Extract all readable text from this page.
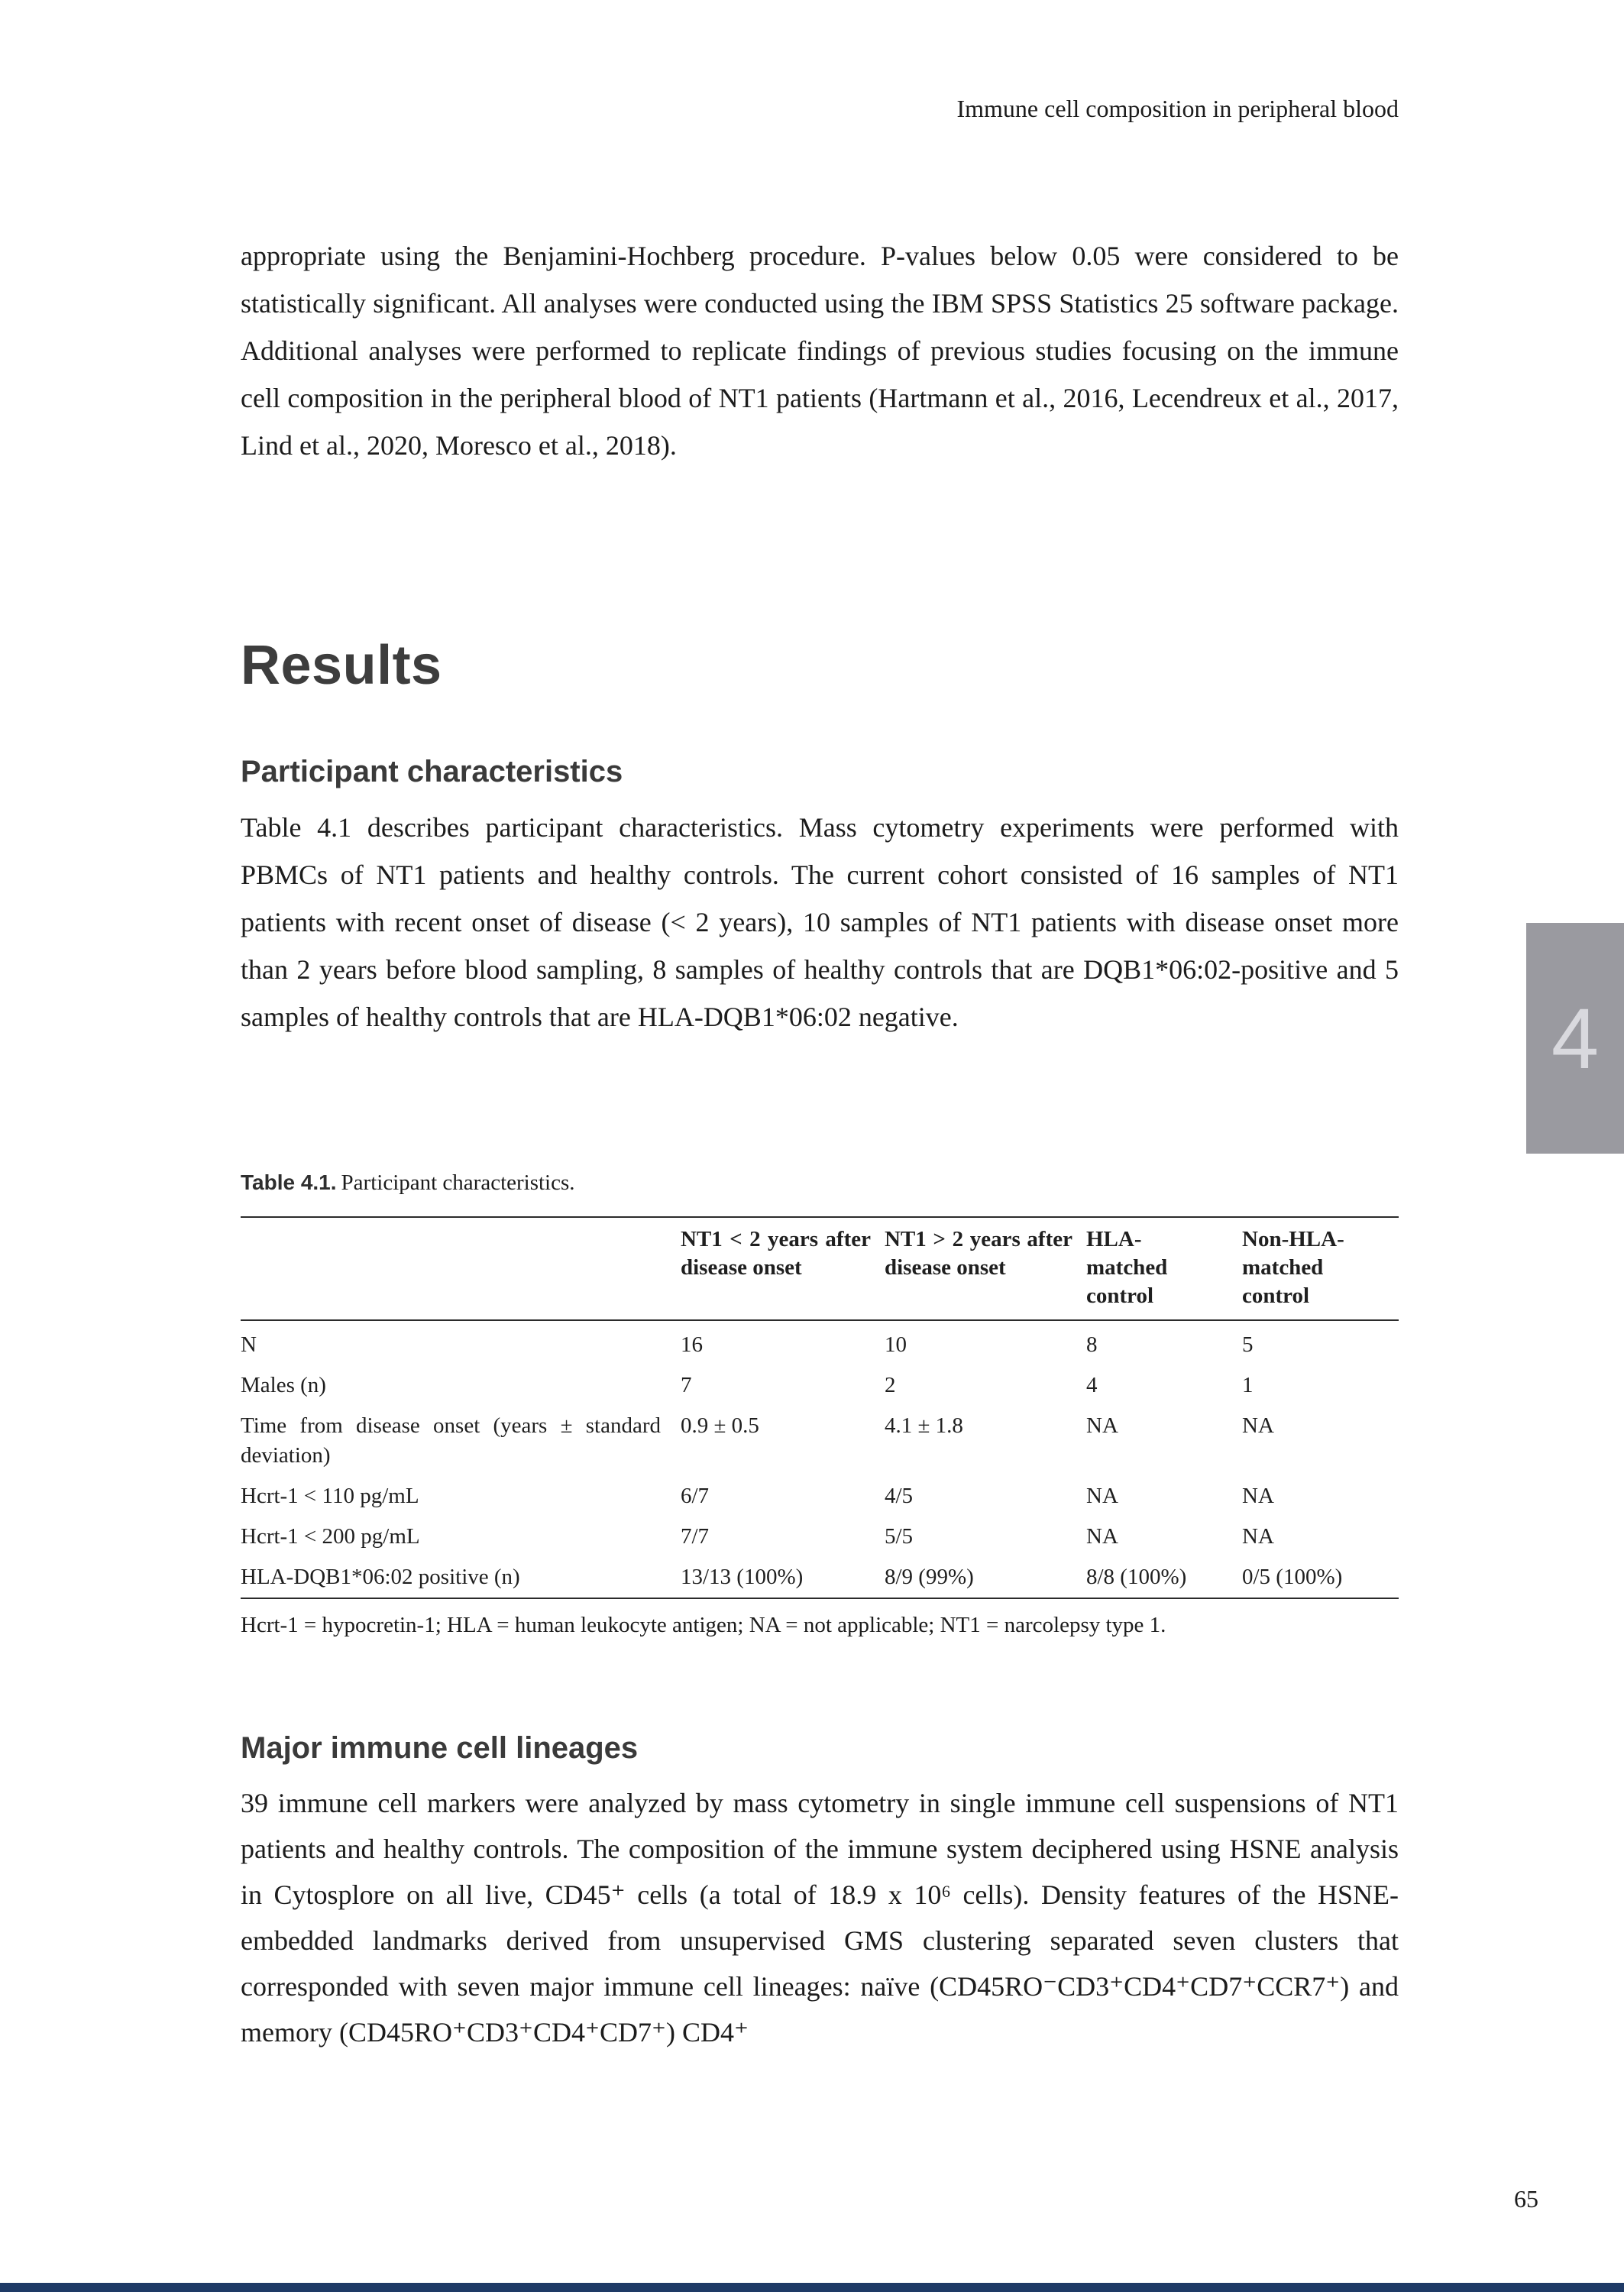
Immune cell composition in peripheral blood

appropriate using the Benjamini-Hochberg procedure. P-values below 0.05 were considered to be statistically significant. All analyses were conducted using the IBM SPSS Statistics 25 software package. Additional analyses were performed to replicate findings of previous studies focusing on the immune cell composition in the peripheral blood of NT1 patients (Hartmann et al., 2016, Lecendreux et al., 2017, Lind et al., 2020, Moresco et al., 2018).

Results
Participant characteristics

Table 4.1 describes participant characteristics. Mass cytometry experiments were performed with PBMCs of NT1 patients and healthy controls. The current cohort consisted of 16 samples of NT1 patients with recent onset of disease (< 2 years), 10 samples of NT1 patients with disease onset more than 2 years before blood sampling, 8 samples of healthy controls that are DQB1*06:02-positive and 5 samples of healthy controls that are HLA-DQB1*06:02 negative.	4

Table 4.1. Participant characteristics.

	NT1 < 2 years after disease onset	NT1 > 2 years after disease onset	HLA-matched control	Non-HLA-matched control
N	16	10	8	5
Males (n)	7	2	4	1
Time from disease onset (years ± standard deviation)	0.9 ± 0.5	4.1 ± 1.8	NA	NA
Hcrt-1 < 110 pg/mL	6/7	4/5	NA	NA
Hcrt-1 < 200 pg/mL	7/7	5/5	NA	NA
HLA-DQB1*06:02 positive (n)	13/13 (100%)	8/9 (99%)	8/8 (100%)	0/5 (100%)

Hcrt-1 = hypocretin-1; HLA = human leukocyte antigen; NA = not applicable; NT1 = narcolepsy type 1.

Major immune cell lineages

39 immune cell markers were analyzed by mass cytometry in single immune cell suspensions of NT1 patients and healthy controls. The composition of the immune system deciphered using HSNE analysis in Cytosplore on all live, CD45⁺ cells (a total of 18.9 x 10⁶ cells). Density features of the HSNE-embedded landmarks derived from unsupervised GMS clustering separated seven clusters that corresponded with seven major immune cell lineages: naïve (CD45RO⁻CD3⁺CD4⁺CD7⁺CCR7⁺) and memory (CD45RO⁺CD3⁺CD4⁺CD7⁺) CD4⁺

65
